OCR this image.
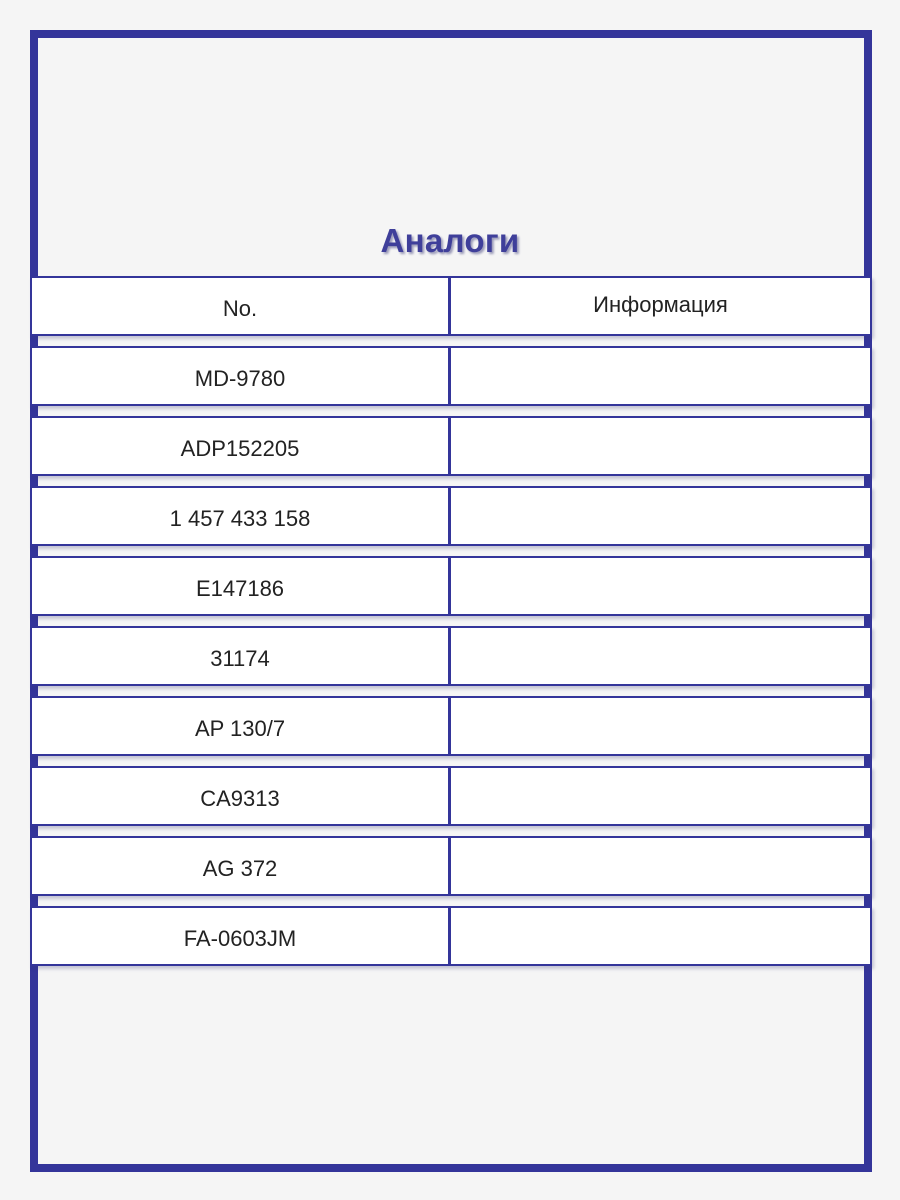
Аналоги
No.	Информация
MD-9780
ADP152205
1 457 433 158
E147186
31174
AP 130/7
CA9313
AG 372
FA-0603JM
